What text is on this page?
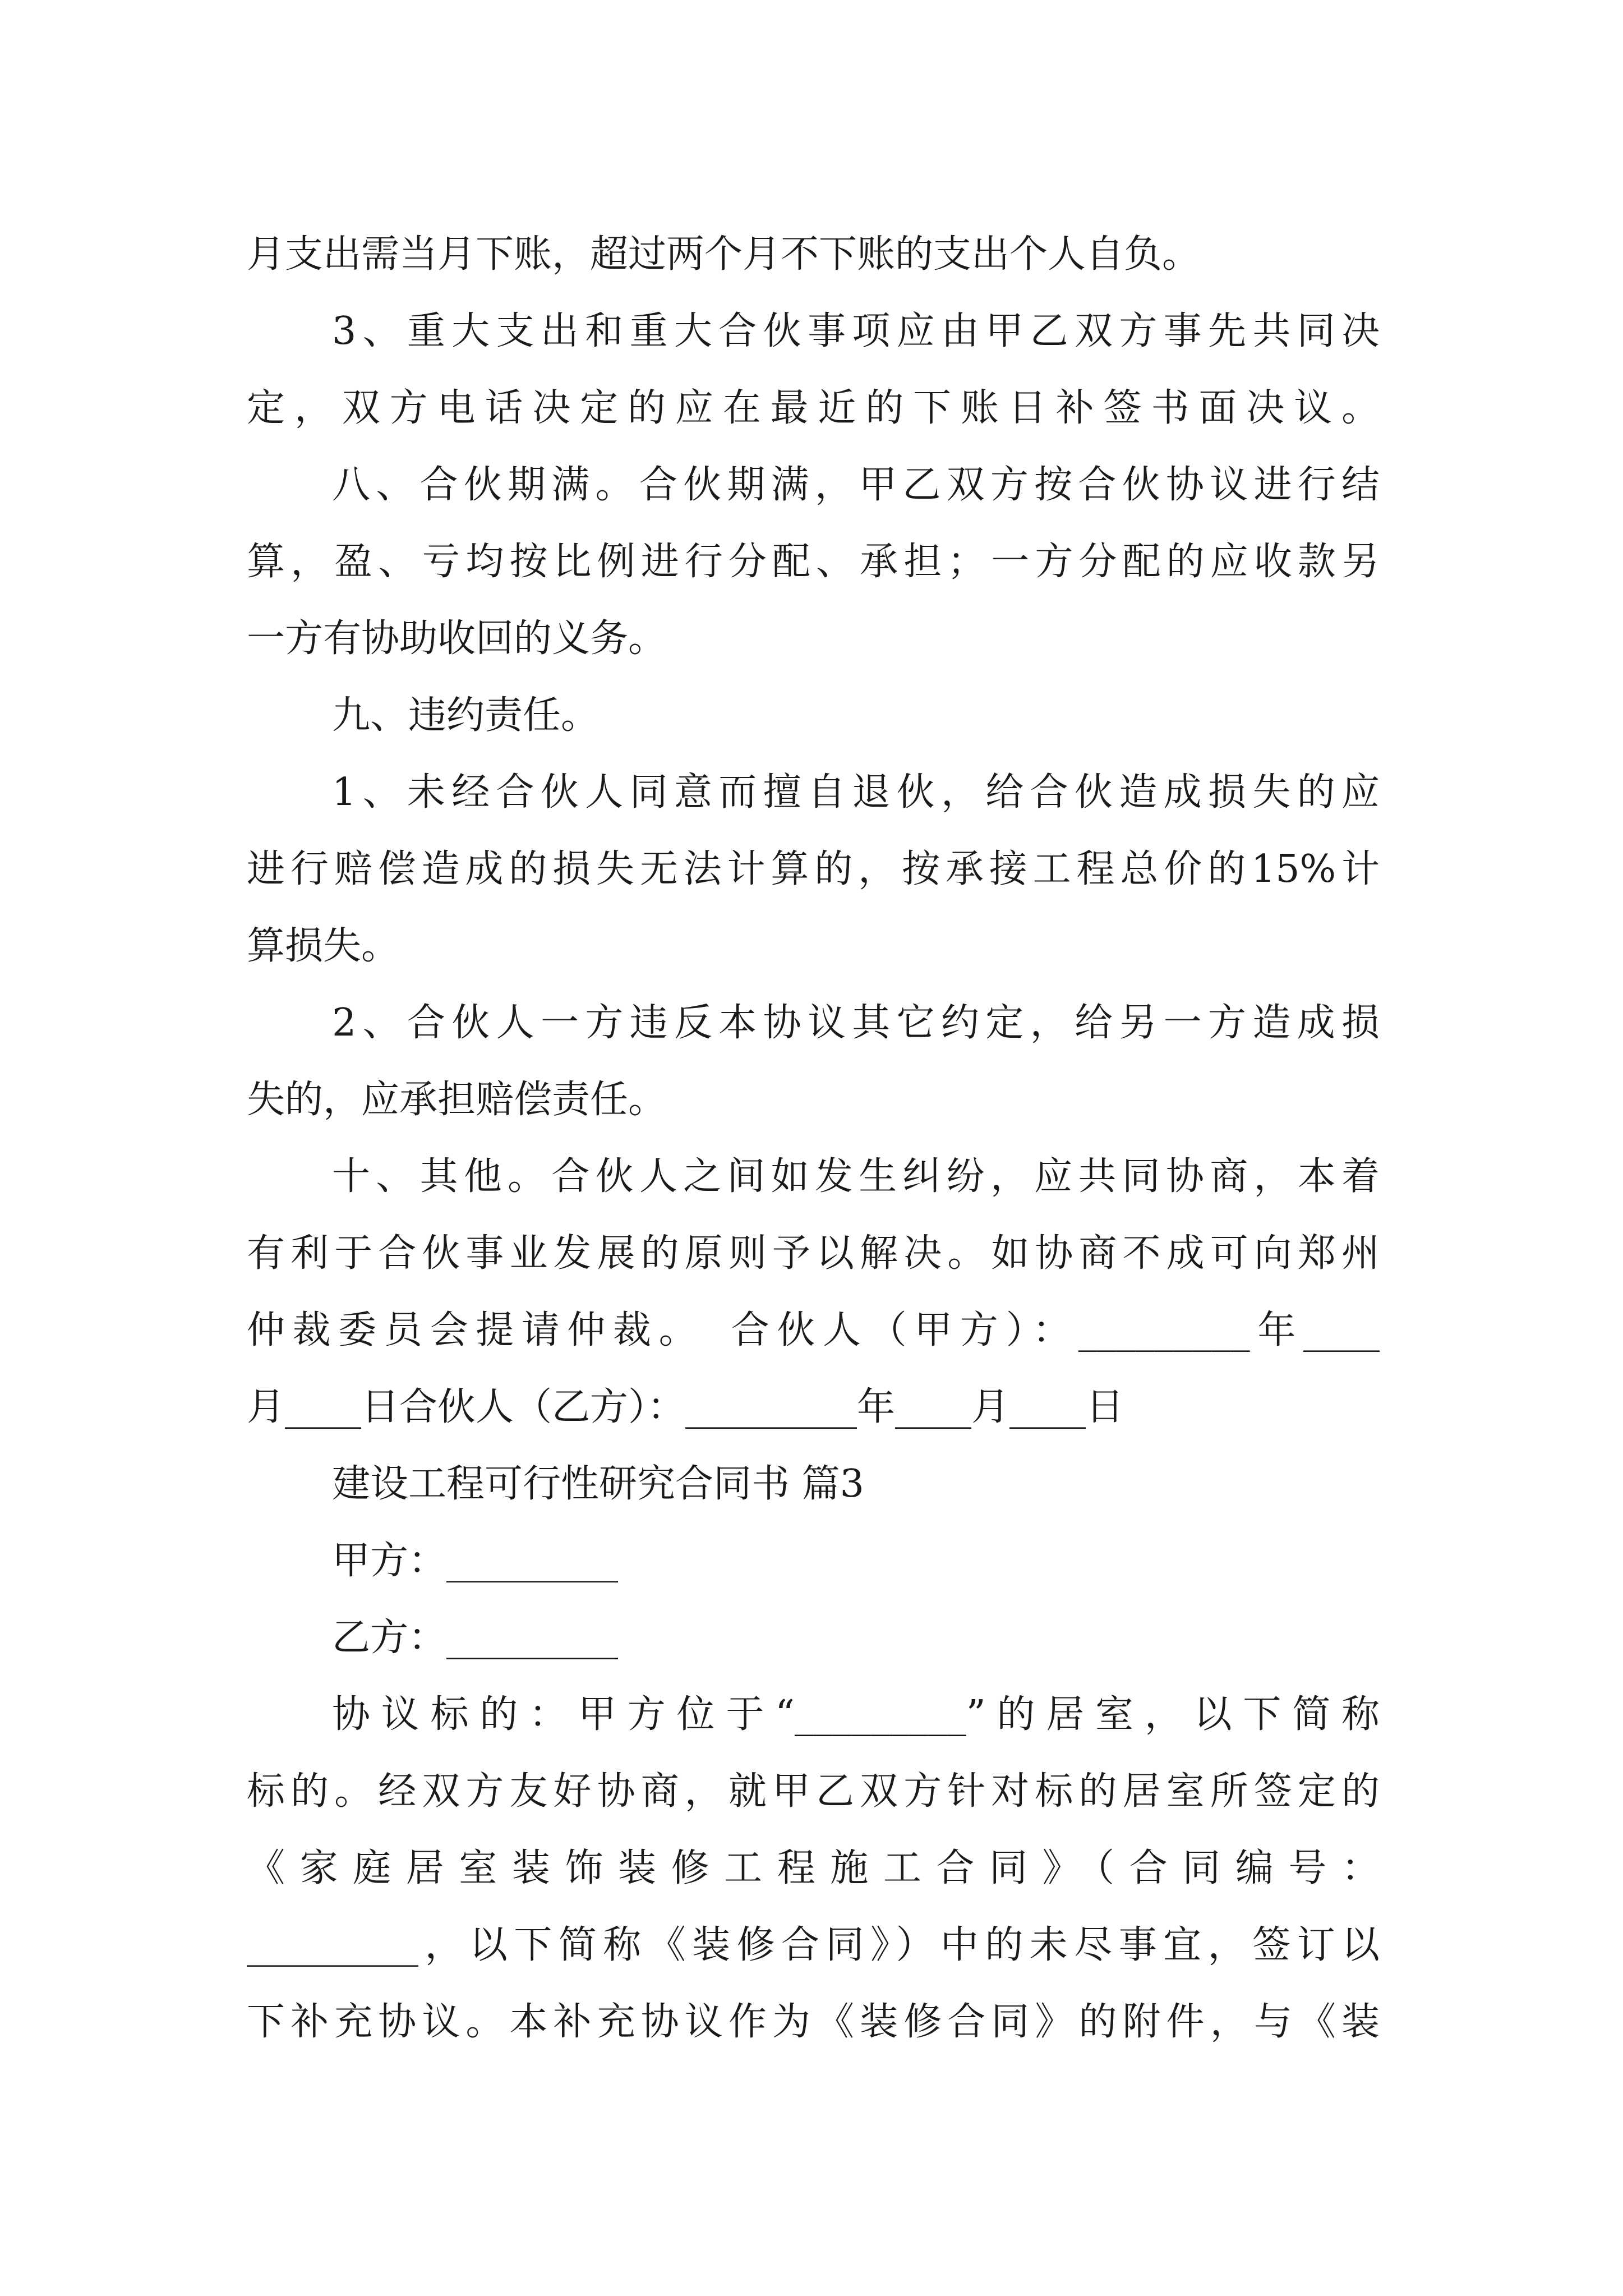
月支出需当月下账，超过两个月不下账的支出个人自负。
3、重大支出和重大合伙事项应由甲乙双方事先共同决
定，双方电话决定的应在最近的下账日补签书面决议。
八、合伙期满。合伙期满，甲乙双方按合伙协议进行结
算，盈、亏均按比例进行分配、承担；一方分配的应收款另
一方有协助收回的义务。
九、违约责任。
1、未经合伙人同意而擅自退伙，给合伙造成损失的应
进行赔偿造成的损失无法计算的，按承接工程总价的15%计
算损失。
2、合伙人一方违反本协议其它约定，给另一方造成损
失的，应承担赔偿责任。
十、其他。合伙人之间如发生纠纷，应共同协商，本着
有利于合伙事业发展的原则予以解决。如协商不成可向郑州
仲裁委员会提请仲裁。　合伙人（甲方）：_________年____
月____日合伙人（乙方）：_________年____月____日
建设工程可行性研究合同书 篇3
甲方：_________
乙方：_________
协议标的：甲方位于“_________”的居室，以下简称
标的。经双方友好协商，就甲乙双方针对标的居室所签定的
《家庭居室装饰装修工程施工合同》（合同编号：
_________，以下简称《装修合同》）中的未尽事宜，签订以
下补充协议。本补充协议作为《装修合同》的附件，与《装
